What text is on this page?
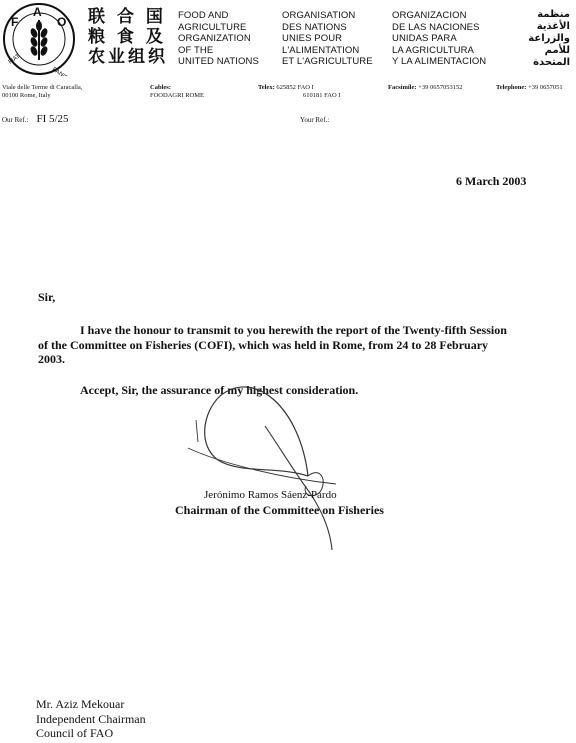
F
A
O
FIAT
PANIS
联 合 国
粮 食 及
农业组织
FOOD AND
AGRICULTURE
ORGANIZATION
OF THE
UNITED NATIONS
ORGANISATION
DES NATIONS
UNIES POUR
L'ALIMENTATION
ET L'AGRICULTURE
ORGANIZACION
DE LAS NACIONES
UNIDAS PARA
LA AGRICULTURA
Y LA ALIMENTACION
منظمة
الأغذية
والزراعة
للأمم
المتحدة
Viale delle Terme di Caracalla,
00100 Rome, Italy
Cables:
FOODAGRI ROME
Telex: 625852 FAO I
610181 FAO I
Facsimile: +39 0657053152	Telephone: +39 0657051
Our Ref.: FI 5/25	Your Ref.:
6 March 2003
Sir,
I have the honour to transmit to you herewith the report of the Twenty-fifth Session
of the Committee on Fisheries (COFI), which was held in Rome, from 24 to 28 February
2003.
Accept, Sir, the assurance of my highest consideration.
Jerónimo Ramos Sáenz-Pardo
Chairman of the Committee on Fisheries
Mr. Aziz Mekouar
Independent Chairman
Council of FAO
